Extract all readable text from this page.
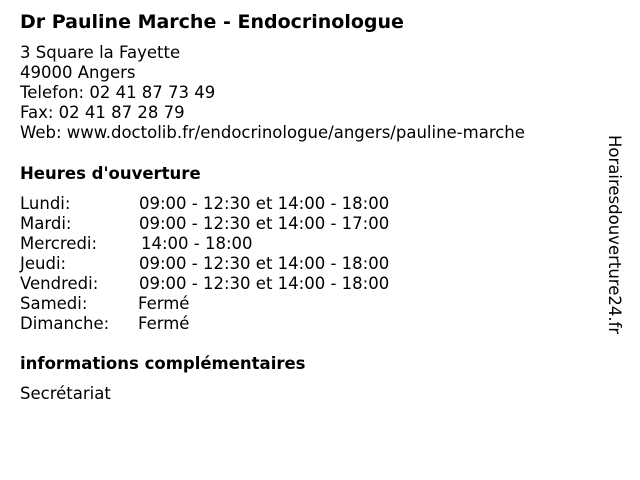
Dr Pauline Marche - Endocrinologue
3 Square la Fayette
49000 Angers
Telefon: 02 41 87 73 49
Fax: 02 41 87 28 79
Web: www.doctolib.fr/endocrinologue/angers/pauline-marche
Heures d'ouverture
Lundi:	09:00 - 12:30 et 14:00 - 18:00
Mardi:	09:00 - 12:30 et 14:00 - 17:00
Mercredi:	14:00 - 18:00
Jeudi:	09:00 - 12:30 et 14:00 - 18:00
Vendredi: 09:00 - 12:30 et 14:00 - 18:00
Samedi:	Fermé
Dimanche: Fermé
informations complémentaires
Secrétariat
Horairesdouverture24.fr
